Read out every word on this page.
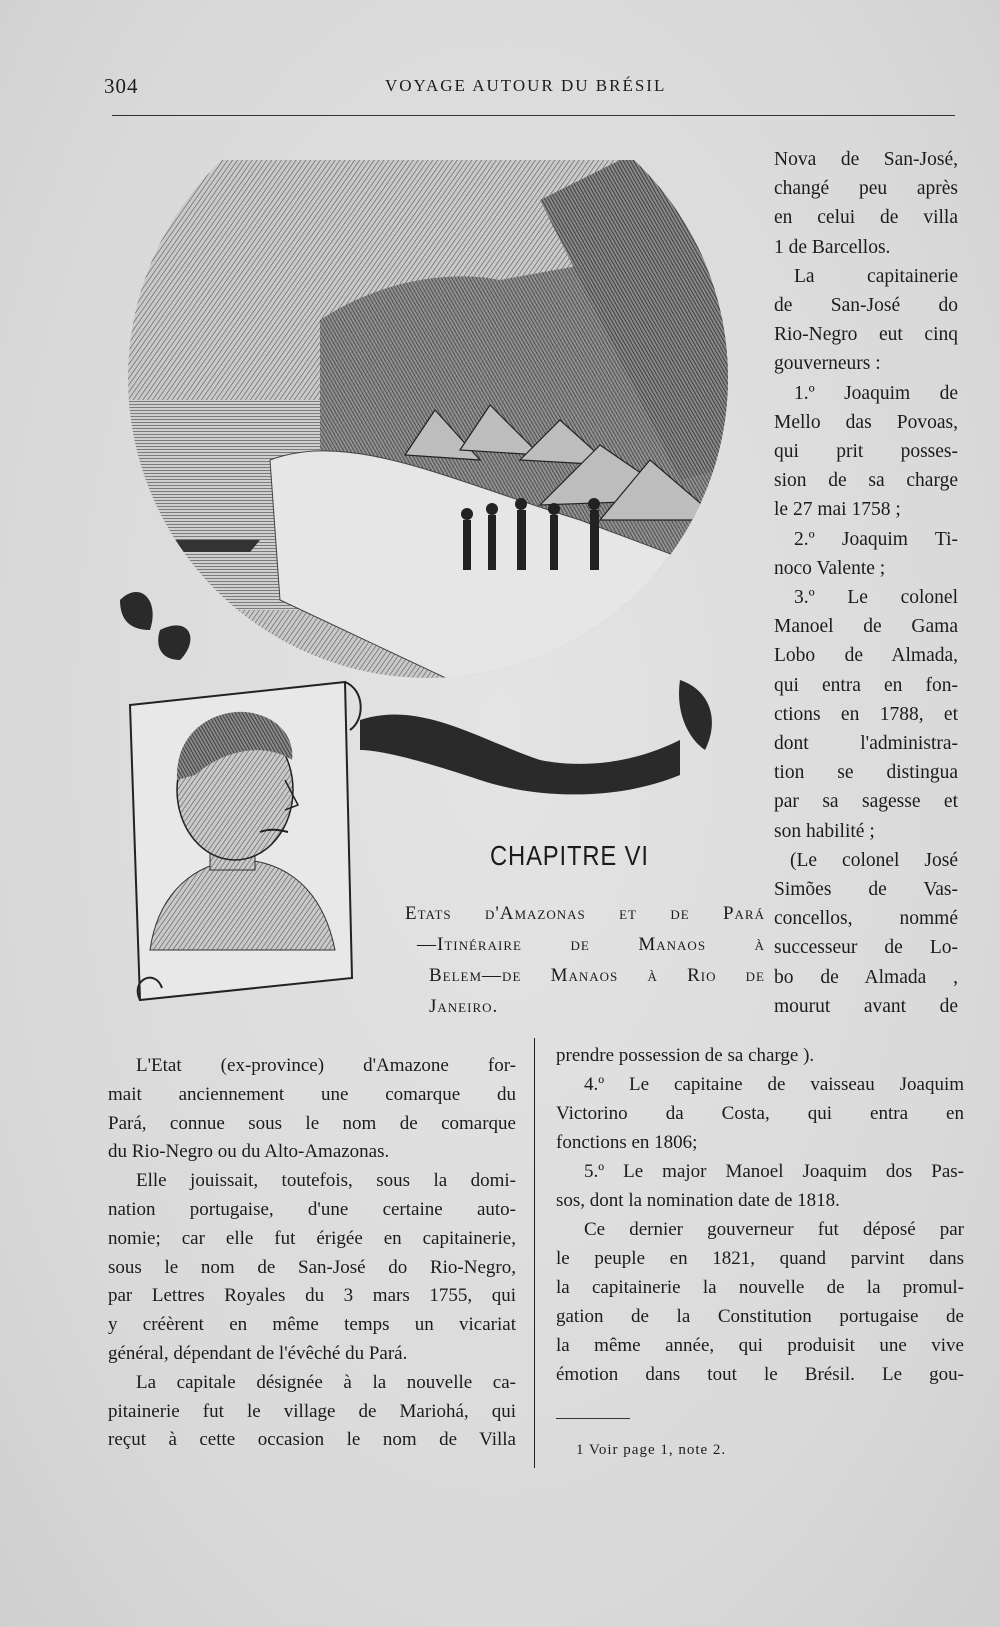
304	VOYAGE AUTOUR DU BRÉSIL
Nova de San-José,
changé peu après
en celui de villa
1 de Barcellos.
La capitainerie
de San-José do
Rio-Negro eut cinq
gouverneurs :
1.º Joaquim de
Mello das Povoas,
qui prit posses-
sion de sa charge
le 27 mai 1758 ;
2.º Joaquim Ti-
noco Valente ;
3.º Le colonel
Manoel de Gama
Lobo de Almada,
qui entra en fon-
ctions en 1788, et
dont l'administra-
tion se distingua
par sa sagesse et
son habilité ;
(Le colonel José
Simões de Vas-
concellos, nommé
successeur de Lo-
bo de Almada ,
mourut avant de
CHAPITRE VI
Etats d'Amazonas et de Pará
—Itinéraire de Manaos à
Belem—de Manaos à Rio de
Janeiro.
L'Etat (ex-province) d'Amazone for-
mait anciennement une comarque du
Pará, connue sous le nom de comarque
du Rio-Negro ou du Alto-Amazonas.
Elle jouissait, toutefois, sous la domi-
nation portugaise, d'une certaine auto-
nomie; car elle fut érigée en capitainerie,
sous le nom de San-José do Rio-Negro,
par Lettres Royales du 3 mars 1755, qui
y créèrent en même temps un vicariat
général, dépendant de l'évêché du Pará.
La capitale désignée à la nouvelle ca-
pitainerie fut le village de Mariohá, qui
reçut à cette occasion le nom de Villa
prendre possession de sa charge ).
4.º Le capitaine de vaisseau Joaquim
Victorino da Costa, qui entra en
fonctions en 1806;
5.º Le major Manoel Joaquim dos Pas-
sos, dont la nomination date de 1818.
Ce dernier gouverneur fut déposé par
le peuple en 1821, quand parvint dans
la capitainerie la nouvelle de la promul-
gation de la Constitution portugaise de
la même année, qui produisit une vive
émotion dans tout le Brésil. Le gou-
1 Voir page 1, note 2.
